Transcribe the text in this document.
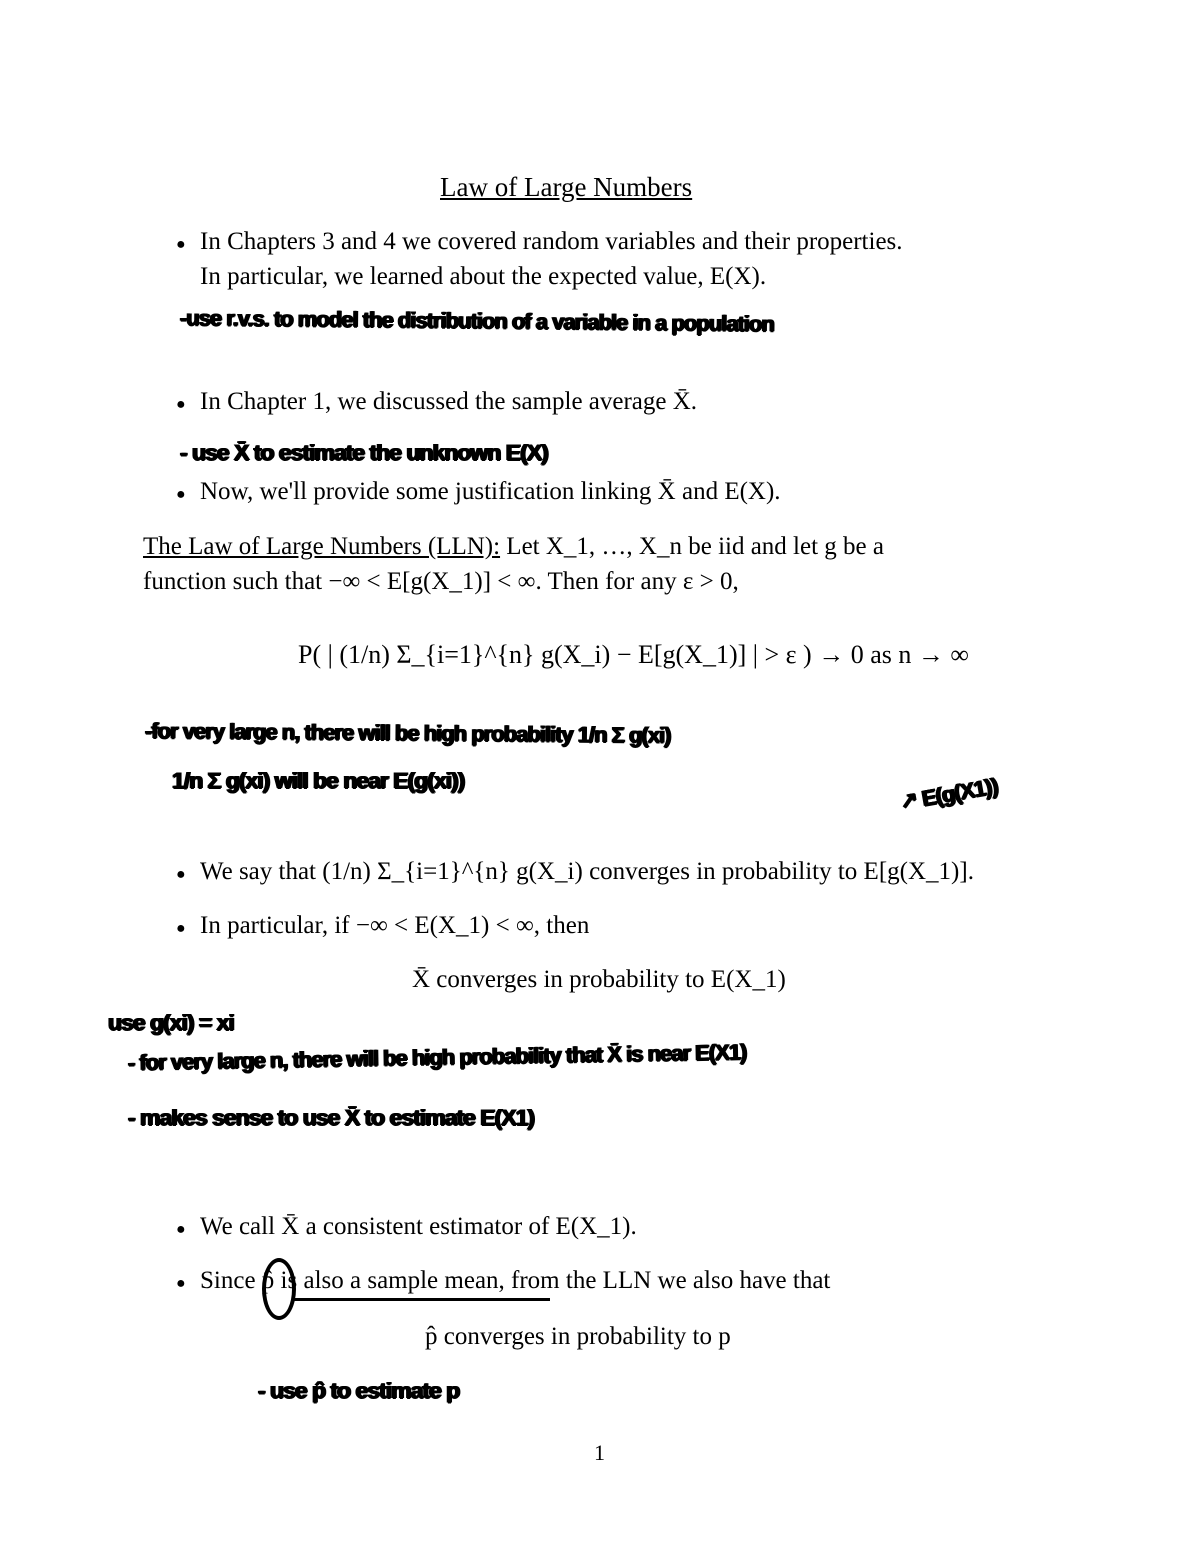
Law of Large Numbers
● In Chapters 3 and 4 we covered random variables and their properties.
In particular, we learned about the expected value, E(X).
-use r.v.s. to model the distribution of a variable in a population
● In Chapter 1, we discussed the sample average X̄.
- use X̄ to estimate the unknown E(X)
● Now, we'll provide some justification linking X̄ and E(X).
The Law of Large Numbers (LLN): Let X_1, …, X_n be iid and let g be a
function such that −∞ < E[g(X_1)] < ∞. Then for any ε > 0,
P( | (1/n) Σ_{i=1}^{n} g(X_i) − E[g(X_1)] | > ε ) → 0 as n → ∞
-for very large n, there will be high probability 1/n Σ g(xi)
1/n Σ g(xi) will be near E(g(xi))
↗ E(g(X1))
● We say that (1/n) Σ_{i=1}^{n} g(X_i) converges in probability to E[g(X_1)].
● In particular, if −∞ < E(X_1) < ∞, then
X̄ converges in probability to E(X_1)
use g(xi) = xi
- for very large n, there will be high probability that X̄ is near E(X1)
- makes sense to use X̄ to estimate E(X1)
● We call X̄ a consistent estimator of E(X_1).
● Since p̂ is also a sample mean, from the LLN we also have that
p̂ converges in probability to p
- use p̂ to estimate p
1
